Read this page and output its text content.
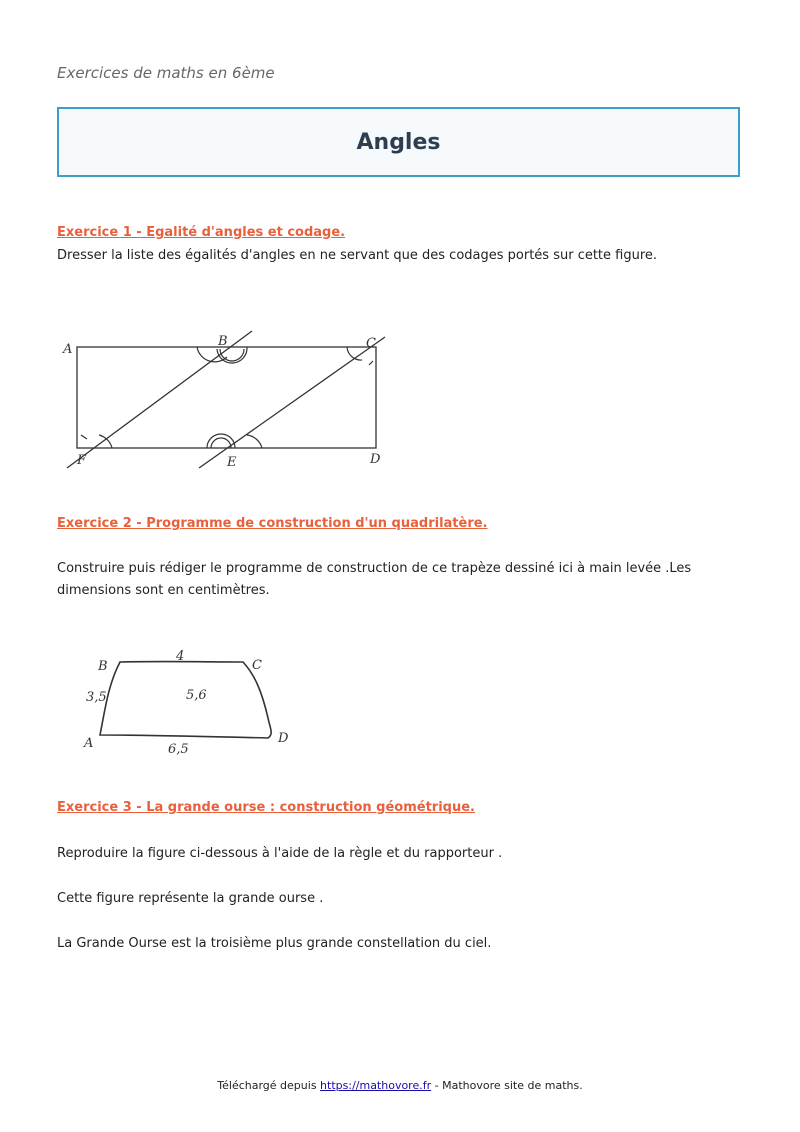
Exercices de maths en 6ème
Angles
Exercice 1 - Egalité d'angles et codage.
Dresser la liste des égalités d'angles en ne servant que des codages portés sur cette figure.
A
B	C
D
E
F
Exercice 2 - Programme de construction d'un quadrilatère.
Construire puis rédiger le programme de construction de ce trapèze dessiné ici à main levée .Les dimensions sont en centimètres.
B	C
D
A
4
3,5	5,6
6,5
Exercice 3 - La grande ourse : construction géométrique.
Reproduire la figure ci-dessous à l'aide de la règle et du rapporteur .
Cette figure représente la grande ourse .
La Grande Ourse est la troisième plus grande constellation du ciel.
Téléchargé depuis https://mathovore.fr - Mathovore site de maths.
